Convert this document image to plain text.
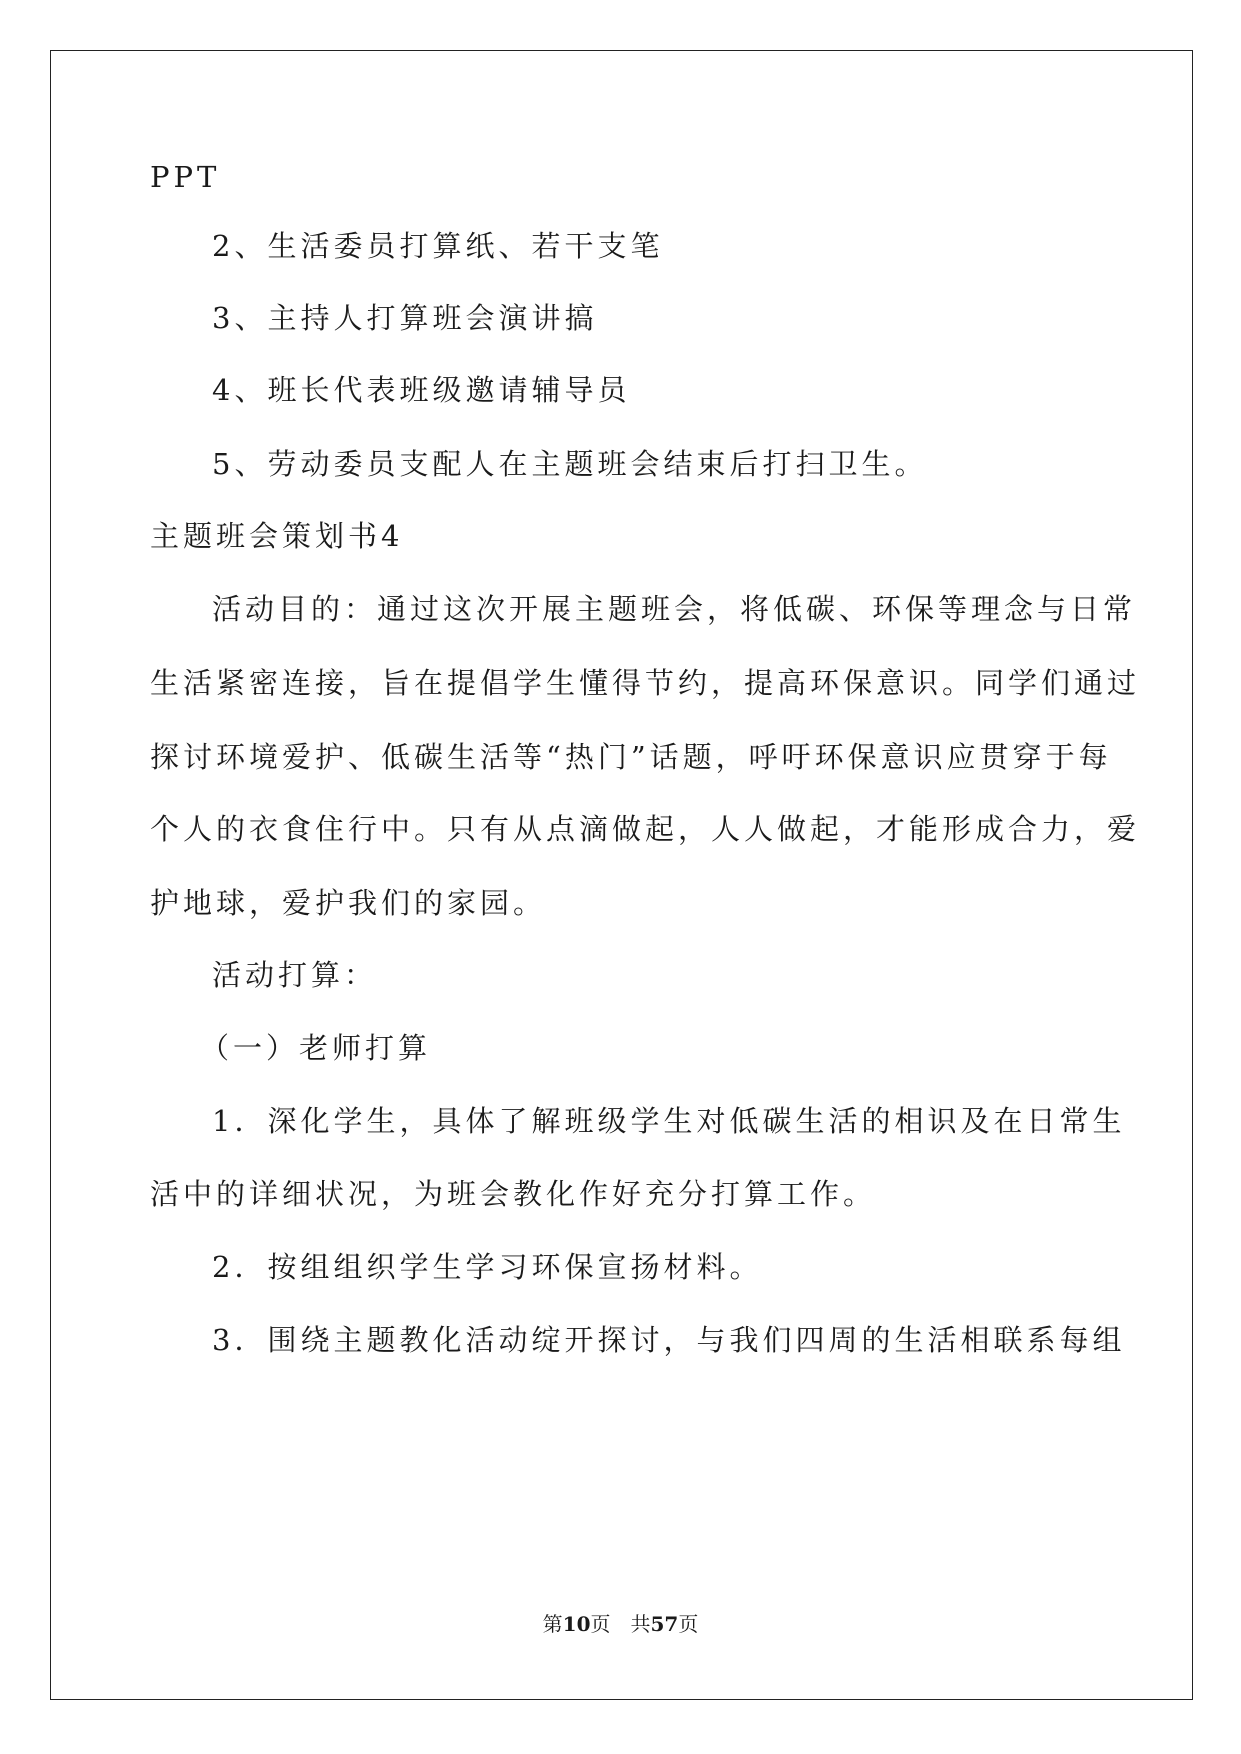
PPT
2、生活委员打算纸、若干支笔
3、主持人打算班会演讲搞
4、班长代表班级邀请辅导员
5、劳动委员支配人在主题班会结束后打扫卫生。
主题班会策划书4
活动目的：通过这次开展主题班会，将低碳、环保等理念与日常
生活紧密连接，旨在提倡学生懂得节约，提高环保意识。同学们通过
探讨环境爱护、低碳生活等“热门”话题，呼吁环保意识应贯穿于每
个人的衣食住行中。只有从点滴做起，人人做起，才能形成合力，爱
护地球，爱护我们的家园。
活动打算：
（一）老师打算
1．深化学生，具体了解班级学生对低碳生活的相识及在日常生
活中的详细状况，为班会教化作好充分打算工作。
2．按组组织学生学习环保宣扬材料。
3．围绕主题教化活动绽开探讨，与我们四周的生活相联系每组
第10页　共57页
